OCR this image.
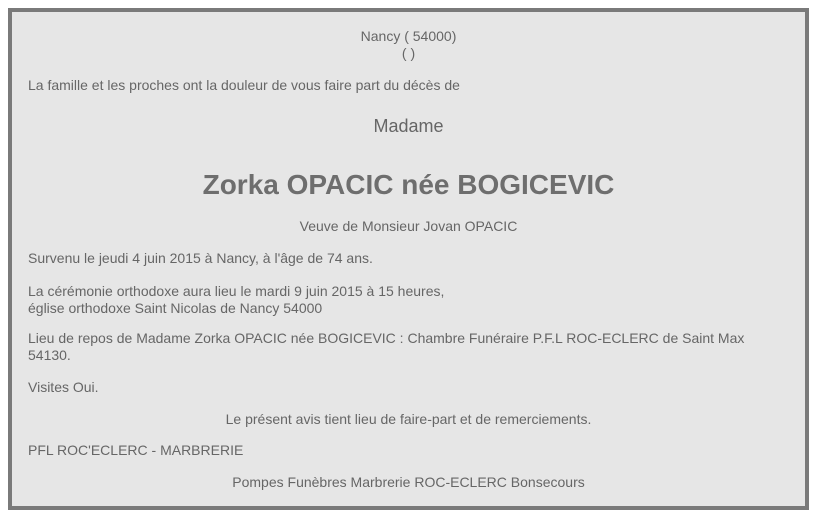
Nancy ( 54000)
( )
La famille et les proches ont la douleur de vous faire part du décès de
Madame
Zorka OPACIC née BOGICEVIC
Veuve de Monsieur Jovan OPACIC
Survenu le jeudi 4 juin 2015 à Nancy, à l'âge de 74 ans.
La cérémonie orthodoxe aura lieu le mardi 9 juin 2015 à 15 heures,
église orthodoxe Saint Nicolas de Nancy 54000
Lieu de repos de Madame Zorka OPACIC née BOGICEVIC : Chambre Funéraire P.F.L ROC-ECLERC de Saint Max
54130.
Visites Oui.
Le présent avis tient lieu de faire-part et de remerciements.
PFL ROC'ECLERC - MARBRERIE
Pompes Funèbres Marbrerie ROC-ECLERC Bonsecours
